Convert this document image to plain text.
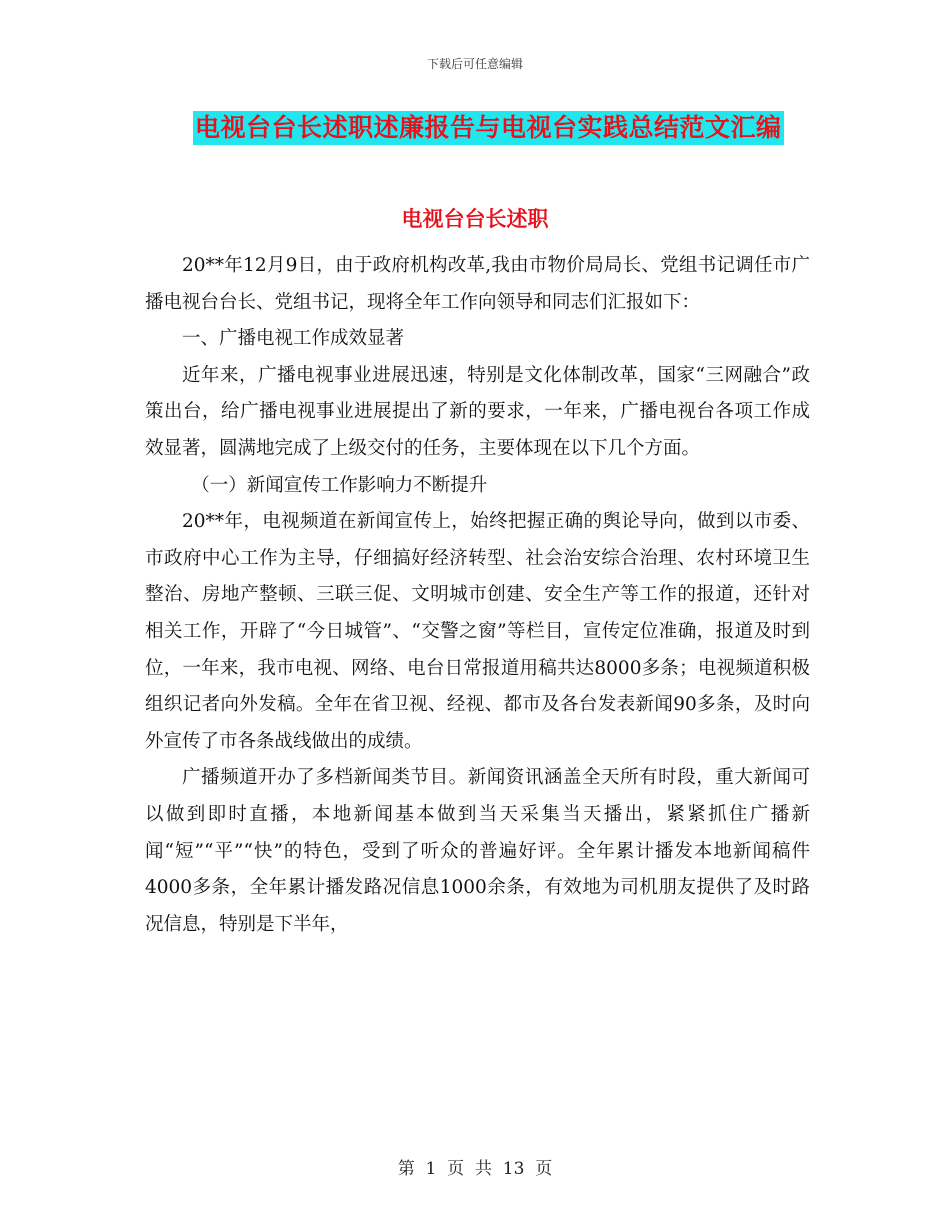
下载后可任意编辑
电视台台长述职述廉报告与电视台实践总结范文汇编
电视台台长述职

20**年12月9日，由于政府机构改革,我由市物价局局长、党组书记调任市广播电视台台长、党组书记，现将全年工作向领导和同志们汇报如下：

一、广播电视工作成效显著

近年来，广播电视事业进展迅速，特别是文化体制改革，国家“三网融合”政策出台，给广播电视事业进展提出了新的要求，一年来，广播电视台各项工作成效显著，圆满地完成了上级交付的任务，主要体现在以下几个方面。

（一）新闻宣传工作影响力不断提升

20**年，电视频道在新闻宣传上，始终把握正确的舆论导向，做到以市委、市政府中心工作为主导，仔细搞好经济转型、社会治安综合治理、农村环境卫生整治、房地产整顿、三联三促、文明城市创建、安全生产等工作的报道，还针对相关工作，开辟了“今日城管”、“交警之窗”等栏目，宣传定位准确，报道及时到位，一年来，我市电视、网络、电台日常报道用稿共达8000多条；电视频道积极组织记者向外发稿。全年在省卫视、经视、都市及各台发表新闻90多条，及时向外宣传了市各条战线做出的成绩。

广播频道开办了多档新闻类节目。新闻资讯涵盖全天所有时段，重大新闻可以做到即时直播，本地新闻基本做到当天采集当天播出，紧紧抓住广播新闻“短”“平”“快”的特色，受到了听众的普遍好评。全年累计播发本地新闻稿件4000多条，全年累计播发路况信息1000余条，有效地为司机朋友提供了及时路况信息，特别是下半年，

第  1  页  共  13  页
